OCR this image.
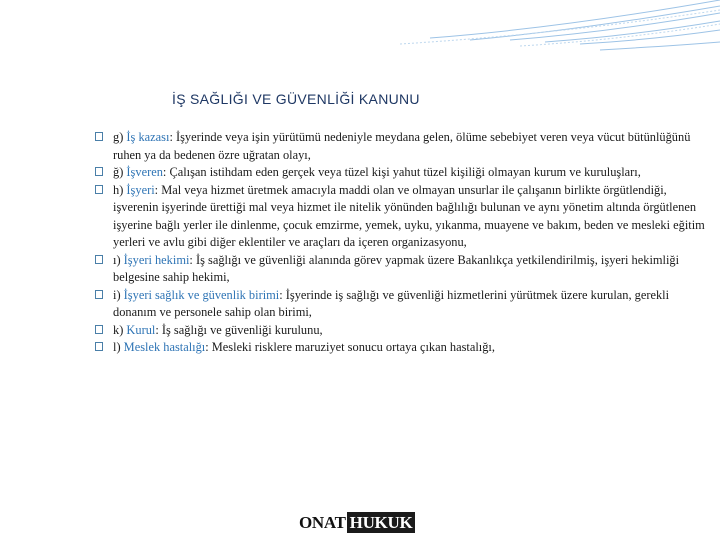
İŞ SAĞLIĞI VE GÜVENLİĞİ KANUNU
g) İş kazası: İşyerinde veya işin yürütümü nedeniyle meydana gelen, ölüme sebebiyet veren veya vücut bütünlüğünü ruhen ya da bedenen özre uğratan olayı,
ğ) İşveren: Çalışan istihdam eden gerçek veya tüzel kişi yahut tüzel kişiliği olmayan kurum ve kuruluşları,
h) İşyeri: Mal veya hizmet üretmek amacıyla maddi olan ve olmayan unsurlar ile çalışanın birlikte örgütlendiği, işverenin işyerinde ürettiği mal veya hizmet ile nitelik yönünden bağlılığı bulunan ve aynı yönetim altında örgütlenen işyerine bağlı yerler ile dinlenme, çocuk emzirme, yemek, uyku, yıkanma, muayene ve bakım, beden ve mesleki eğitim yerleri ve avlu gibi diğer eklentiler ve araçları da içeren organizasyonu,
ı) İşyeri hekimi: İş sağlığı ve güvenliği alanında görev yapmak üzere Bakanlıkça yetkilendirilmiş, işyeri hekimliği belgesine sahip hekimi,
i) İşyeri sağlık ve güvenlik birimi: İşyerinde iş sağlığı ve güvenliği hizmetlerini yürütmek üzere kurulan, gerekli donanım ve personele sahip olan birimi,
k) Kurul: İş sağlığı ve güvenliği kurulunu,
l) Meslek hastalığı: Mesleki risklere maruziyet sonucu ortaya çıkan hastalığı,
ONAT HUKUK
